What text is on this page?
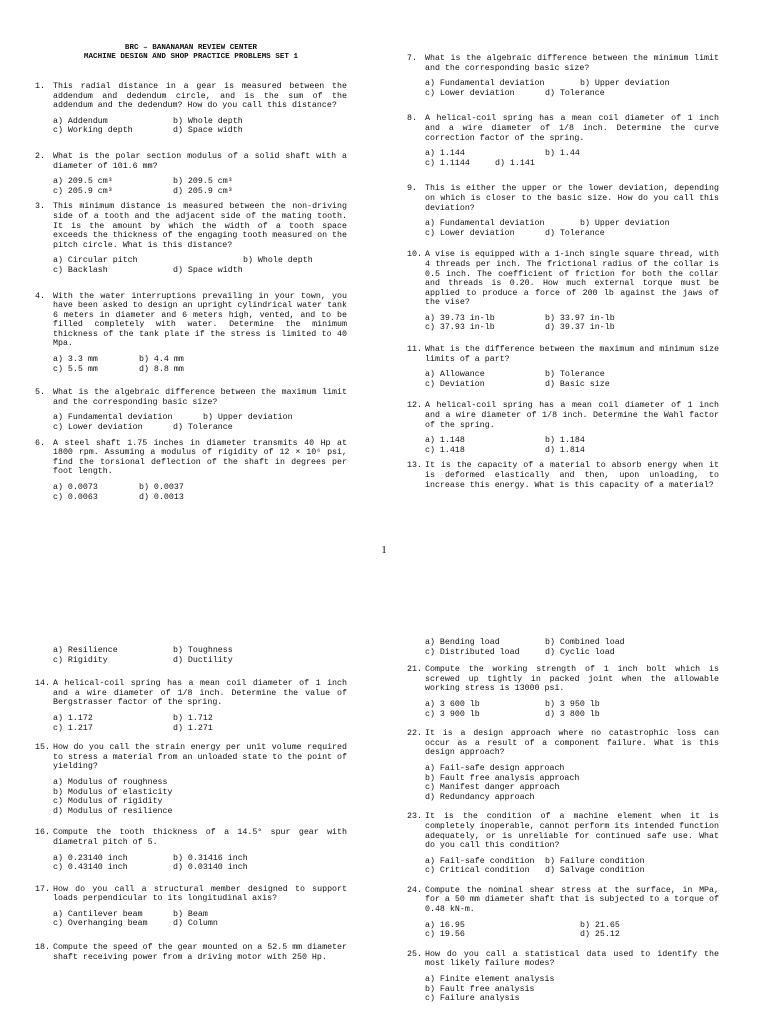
BRC – BANANAMAN REVIEW CENTER
MACHINE DESIGN AND SHOP PRACTICE PROBLEMS SET 1
1. This radial distance in a gear is measured between the addendum and dedendum circle, and is the sum of the addendum and the dedendum? How do you call this distance?
a) Addendum	b) Whole depth
c) Working depth	d) Space width
2. What is the polar section modulus of a solid shaft with a diameter of 101.6 mm?
a) 209.5 cm³	b) 209.5 cm³
c) 205.9 cm³	d) 205.9 cm³
3. This minimum distance is measured between the non-driving side of a tooth and the adjacent side of the mating tooth. It is the amount by which the width of a tooth space exceeds the thickness of the engaging tooth measured on the pitch circle. What is this distance?
a) Circular pitch	b) Whole depth
c) Backlash	d) Space width
4. With the water interruptions prevailing in your town, you have been asked to design an upright cylindrical water tank 6 meters in diameter and 6 meters high, vented, and to be filled completely with water. Determine the minimum thickness of the tank plate if the stress is limited to 40 Mpa.
a) 3.3 mm	b) 4.4 mm
c) 5.5 mm	d) 8.8 mm
5. What is the algebraic difference between the maximum limit and the corresponding basic size?
a) Fundamental deviation	b) Upper deviation
c) Lower deviation	d) Tolerance
6. A steel shaft 1.75 inches in diameter transmits 40 Hp at 1800 rpm. Assuming a modulus of rigidity of 12 × 10⁶ psi, find the torsional deflection of the shaft in degrees per foot length.
a) 0.0073	b) 0.0037
c) 0.0063	d) 0.0013
7. What is the algebraic difference between the minimum limit and the corresponding basic size?
a) Fundamental deviation	b) Upper deviation
c) Lower deviation	d) Tolerance
8. A helical-coil spring has a mean coil diameter of 1 inch and a wire diameter of 1/8 inch. Determine the curve correction factor of the spring.
a) 1.144	b) 1.44
c) 1.1144	d) 1.141
9. This is either the upper or the lower deviation, depending on which is closer to the basic size. How do you call this deviation?
a) Fundamental deviation	b) Upper deviation
c) Lower deviation	d) Tolerance
10. A vise is equipped with a 1-inch single square thread, with 4 threads per inch. The frictional radius of the collar is 0.5 inch. The coefficient of friction for both the collar and threads is 0.20. How much external torque must be applied to produce a force of 200 lb against the jaws of the vise?
a) 39.73 in-lb	b) 33.97 in-lb
c) 37.93 in-lb	d) 39.37 in-lb
11. What is the difference between the maximum and minimum size limits of a part?
a) Allowance	b) Tolerance
c) Deviation	d) Basic size
12. A helical-coil spring has a mean coil diameter of 1 inch and a wire diameter of 1/8 inch. Determine the Wahl factor of the spring.
a) 1.148	b) 1.184
c) 1.418	d) 1.814
13. It is the capacity of a material to absorb energy when it is deformed elastically and then, upon unloading, to increase this energy. What is this capacity of a material?
1
a) Resilience	b) Toughness
c) Rigidity	d) Ductility
14. A helical-coil spring has a mean coil diameter of 1 inch and a wire diameter of 1/8 inch. Determine the value of Bergstrasser factor of the spring.
a) 1.172	b) 1.712
c) 1.217	d) 1.271
15. How do you call the strain energy per unit volume required to stress a material from an unloaded state to the point of yielding?
a) Modulus of roughness
b) Modulus of elasticity
c) Modulus of rigidity
d) Modulus of resilience
16. Compute the tooth thickness of a 14.5° spur gear with diametral pitch of 5.
a) 0.23140 inch	b) 0.31416 inch
c) 0.43140 inch	d) 0.03140 inch
17. How do you call a structural member designed to support loads perpendicular to its longitudinal axis?
a) Cantilever beam	b) Beam
c) Overhanging beam	d) Column
18. Compute the speed of the gear mounted on a 52.5 mm diameter shaft receiving power from a driving motor with 250 Hp.
a) Bending load	b) Combined load
c) Distributed load	d) Cyclic load
21. Compute the working strength of 1 inch bolt which is screwed up tightly in packed joint when the allowable working stress is 13000 psi.
a) 3 600 lb	b) 3 950 lb
c) 3 900 lb	d) 3 800 lb
22. It is a design approach where no catastrophic loss can occur as a result of a component failure. What is this design approach?
a) Fail-safe design approach
b) Fault free analysis approach
c) Manifest danger approach
d) Redundancy approach
23. It is the condition of a machine element when it is completely inoperable, cannot perform its intended function adequately, or is unreliable for continued safe use. What do you call this condition?
a) Fail-safe condition	b) Failure condition
c) Critical condition	d) Salvage condition
24. Compute the nominal shear stress at the surface, in MPa, for a 50 mm diameter shaft that is subjected to a torque of 0.48 kN-m.
a) 16.95	b) 21.65
c) 19.56	d) 25.12
25. How do you call a statistical data used to identify the most likely failure modes?
a) Finite element analysis
b) Fault free analysis
c) Failure analysis
